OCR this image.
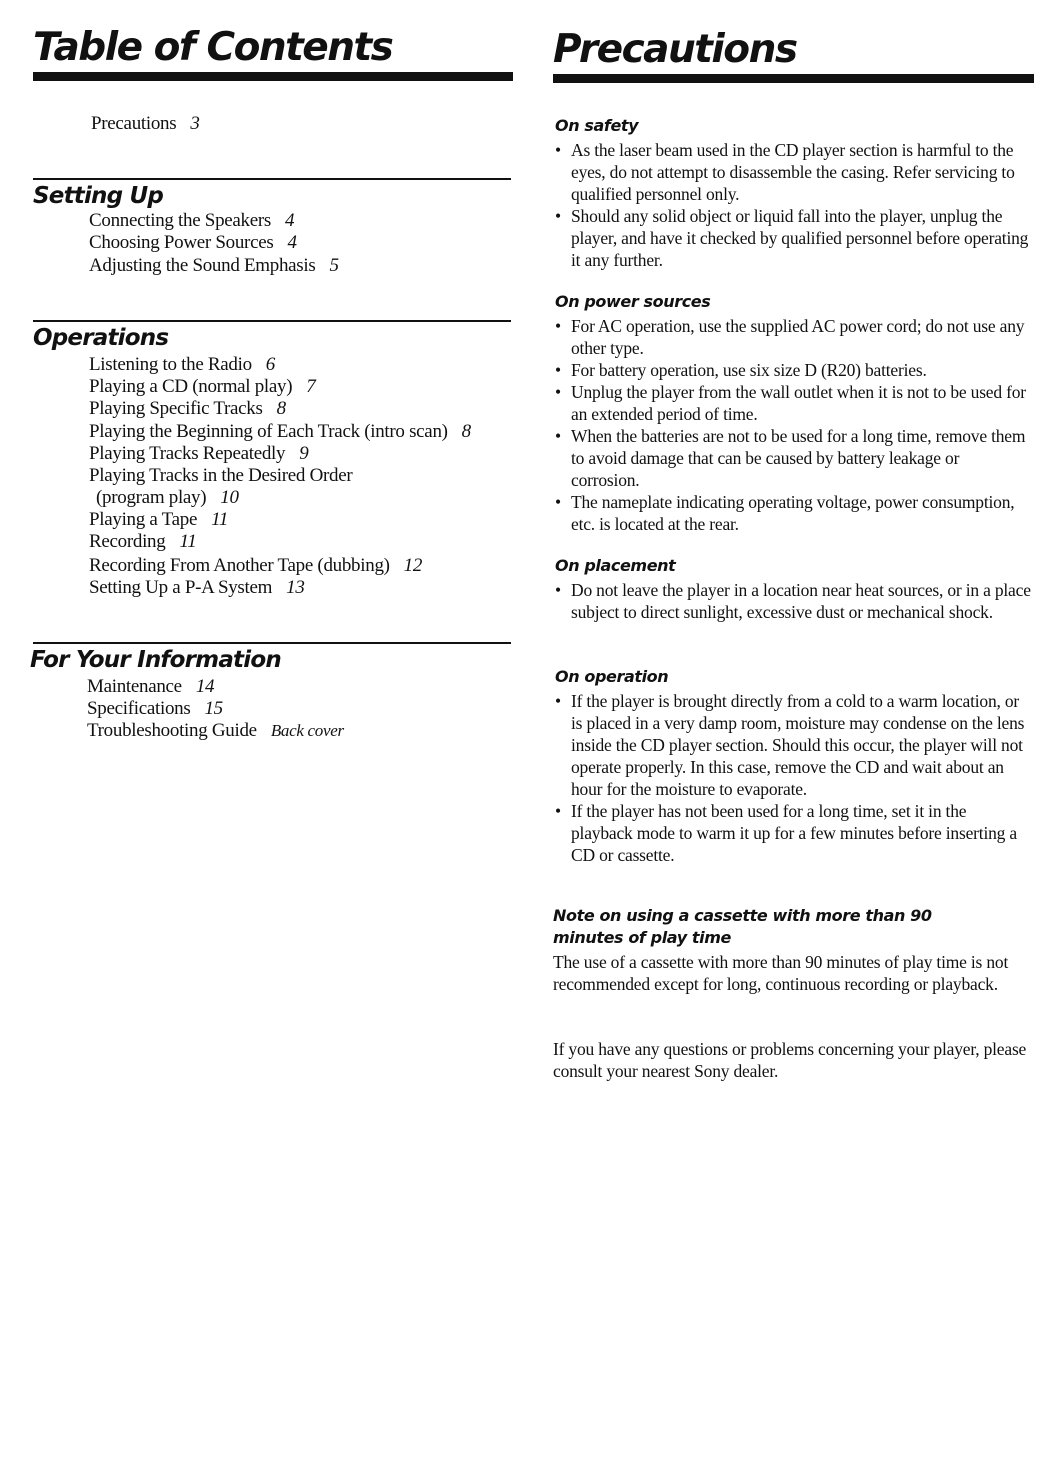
Table of Contents
Precautions 3
Setting Up
Connecting the Speakers 4
Choosing Power Sources 4
Adjusting the Sound Emphasis 5
Operations
Listening to the Radio 6
Playing a CD (normal play) 7
Playing Specific Tracks 8
Playing the Beginning of Each Track (intro scan) 8
Playing Tracks Repeatedly 9
Playing Tracks in the Desired Order
(program play) 10
Playing a Tape 11
Recording 11
Recording From Another Tape (dubbing) 12
Setting Up a P-A System 13
For Your Information
Maintenance 14
Specifications 15
Troubleshooting Guide Back cover
Precautions
On safety
• As the laser beam used in the CD player section is harmful to the eyes, do not attempt to disassemble the casing. Refer servicing to qualified personnel only.
• Should any solid object or liquid fall into the player, unplug the player, and have it checked by qualified personnel before operating it any further.
On power sources
• For AC operation, use the supplied AC power cord; do not use any other type.
• For battery operation, use six size D (R20) batteries.
• Unplug the player from the wall outlet when it is not to be used for an extended period of time.
• When the batteries are not to be used for a long time, remove them to avoid damage that can be caused by battery leakage or corrosion.
• The nameplate indicating operating voltage, power consumption, etc. is located at the rear.
On placement
• Do not leave the player in a location near heat sources, or in a place subject to direct sunlight, excessive dust or mechanical shock.
On operation
• If the player is brought directly from a cold to a warm location, or is placed in a very damp room, moisture may condense on the lens inside the CD player section. Should this occur, the player will not operate properly. In this case, remove the CD and wait about an hour for the moisture to evaporate.
• If the player has not been used for a long time, set it in the playback mode to warm it up for a few minutes before inserting a CD or cassette.
Note on using a cassette with more than 90
minutes of play time

The use of a cassette with more than 90 minutes of play time is not recommended except for long, continuous recording or playback.

If you have any questions or problems concerning your player, please consult your nearest Sony dealer.
